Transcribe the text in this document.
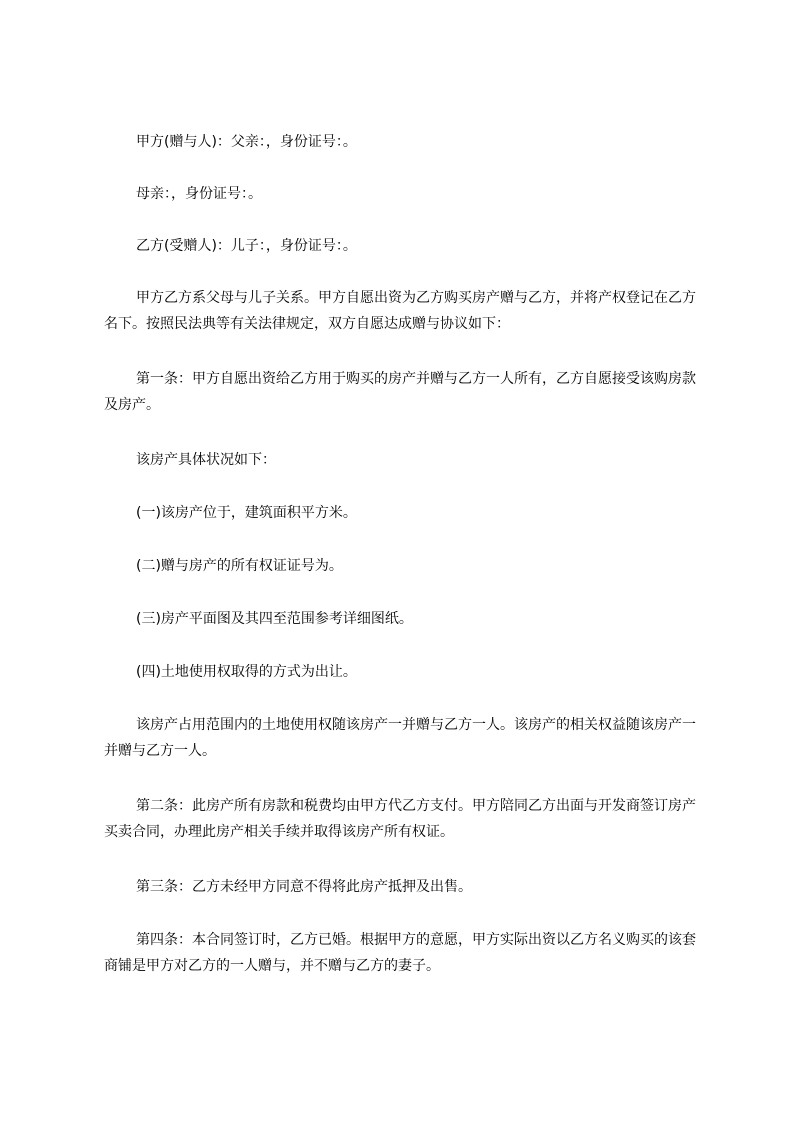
甲方(赠与人)：父亲：，身份证号：。

母亲：，身份证号：。

乙方(受赠人)：儿子：，身份证号：。

甲方乙方系父母与儿子关系。甲方自愿出资为乙方购买房产赠与乙方，并将产权登记在乙方名下。按照民法典等有关法律规定，双方自愿达成赠与协议如下：

第一条：甲方自愿出资给乙方用于购买的房产并赠与乙方一人所有，乙方自愿接受该购房款及房产。

该房产具体状况如下：

(一)该房产位于，建筑面积平方米。

(二)赠与房产的所有权证证号为。

(三)房产平面图及其四至范围参考详细图纸。

(四)土地使用权取得的方式为出让。

该房产占用范围内的土地使用权随该房产一并赠与乙方一人。该房产的相关权益随该房产一并赠与乙方一人。

第二条：此房产所有房款和税费均由甲方代乙方支付。甲方陪同乙方出面与开发商签订房产买卖合同，办理此房产相关手续并取得该房产所有权证。

第三条：乙方未经甲方同意不得将此房产抵押及出售。

第四条：本合同签订时，乙方已婚。根据甲方的意愿，甲方实际出资以乙方名义购买的该套商铺是甲方对乙方的一人赠与，并不赠与乙方的妻子。
